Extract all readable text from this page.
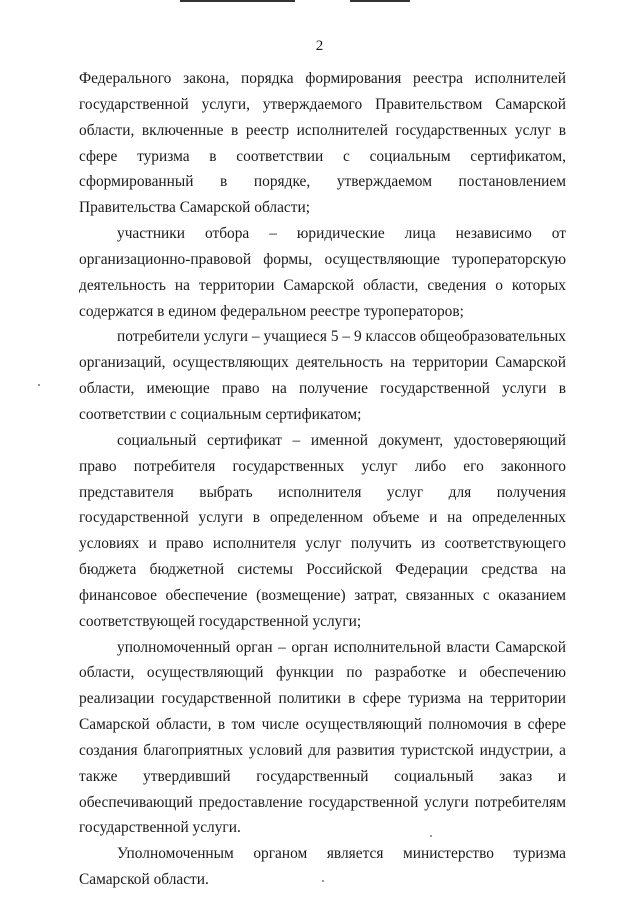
2

Федерального закона, порядка формирования реестра исполнителей государственной услуги, утверждаемого Правительством Самарской области, включенные в реестр исполнителей государственных услуг в сфере туризма в соответствии с социальным сертификатом, сформированный в порядке, утверждаемом постановлением Правительства Самарской области;

участники отбора – юридические лица независимо от организационно-правовой формы, осуществляющие туроператорскую деятельность на территории Самарской области, сведения о которых содержатся в едином федеральном реестре туроператоров;

потребители услуги – учащиеся 5 – 9 классов общеобразовательных организаций, осуществляющих деятельность на территории Самарской области, имеющие право на получение государственной услуги в соответствии с социальным сертификатом;

социальный сертификат – именной документ, удостоверяющий право потребителя государственных услуг либо его законного представителя выбрать исполнителя услуг для получения государственной услуги в определенном объеме и на определенных условиях и право исполнителя услуг получить из соответствующего бюджета бюджетной системы Российской Федерации средства на финансовое обеспечение (возмещение) затрат, связанных с оказанием соответствующей государственной услуги;

уполномоченный орган – орган исполнительной власти Самарской области, осуществляющий функции по разработке и обеспечению реализации государственной политики в сфере туризма на территории Самарской области, в том числе осуществляющий полномочия в сфере создания благоприятных условий для развития туристской индустрии, а также утвердивший государственный социальный заказ и обеспечивающий предоставление государственной услуги потребителям государственной услуги.

Уполномоченным органом является министерство туризма Самарской области.
